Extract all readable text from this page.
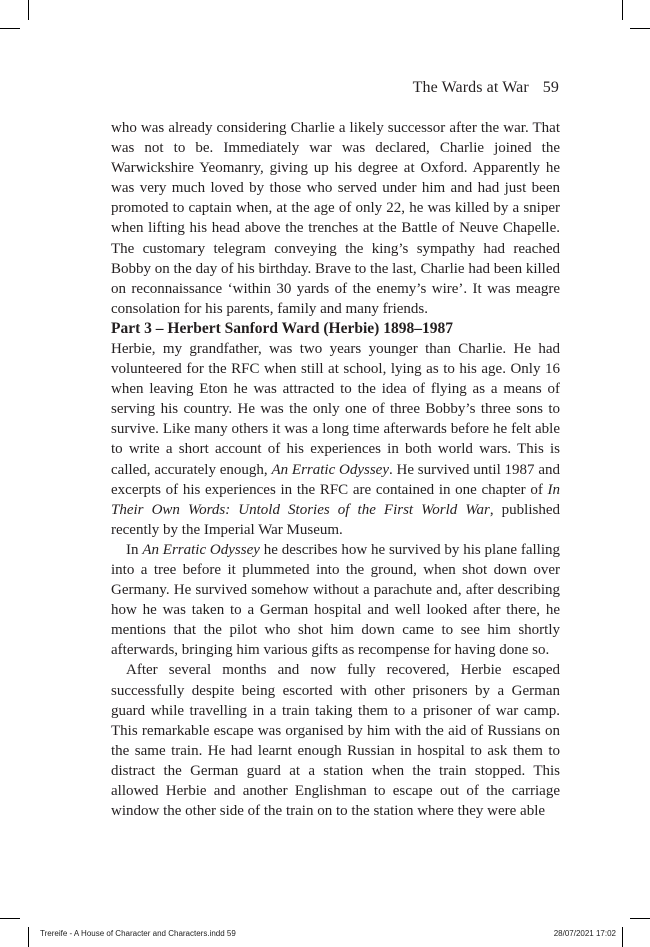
The Wards at War 59

who was already considering Charlie a likely successor after the war. That was not to be. Immediately war was declared, Charlie joined the Warwickshire Yeomanry, giving up his degree at Oxford. Apparently he was very much loved by those who served under him and had just been promoted to captain when, at the age of only 22, he was killed by a sniper when lifting his head above the trenches at the Battle of Neuve Chapelle. The customary telegram conveying the king’s sympathy had reached Bobby on the day of his birthday. Brave to the last, Charlie had been killed on reconnaissance ‘within 30 yards of the enemy’s wire’. It was meagre consolation for his parents, family and many friends.

Part 3 – Herbert Sanford Ward (Herbie) 1898–1987

Herbie, my grandfather, was two years younger than Charlie. He had volunteered for the RFC when still at school, lying as to his age. Only 16 when leaving Eton he was attracted to the idea of flying as a means of serving his country. He was the only one of three Bobby’s three sons to survive. Like many others it was a long time afterwards before he felt able to write a short account of his experiences in both world wars. This is called, accurately enough, An Erratic Odyssey. He survived until 1987 and excerpts of his experiences in the RFC are contained in one chapter of In Their Own Words: Untold Stories of the First World War, published recently by the Imperial War Museum.

In An Erratic Odyssey he describes how he survived by his plane falling into a tree before it plummeted into the ground, when shot down over Germany. He survived somehow without a parachute and, after describing how he was taken to a German hospital and well looked after there, he mentions that the pilot who shot him down came to see him shortly afterwards, bringing him various gifts as recompense for having done so.

After several months and now fully recovered, Herbie escaped successfully despite being escorted with other prisoners by a German guard while travelling in a train taking them to a prisoner of war camp. This remarkable escape was organised by him with the aid of Russians on the same train. He had learnt enough Russian in hospital to ask them to distract the German guard at a station when the train stopped. This allowed Herbie and another Englishman to escape out of the carriage window the other side of the train on to the station where they were able

Trereife - A House of Character and Characters.indd 59	28/07/2021 17:02
